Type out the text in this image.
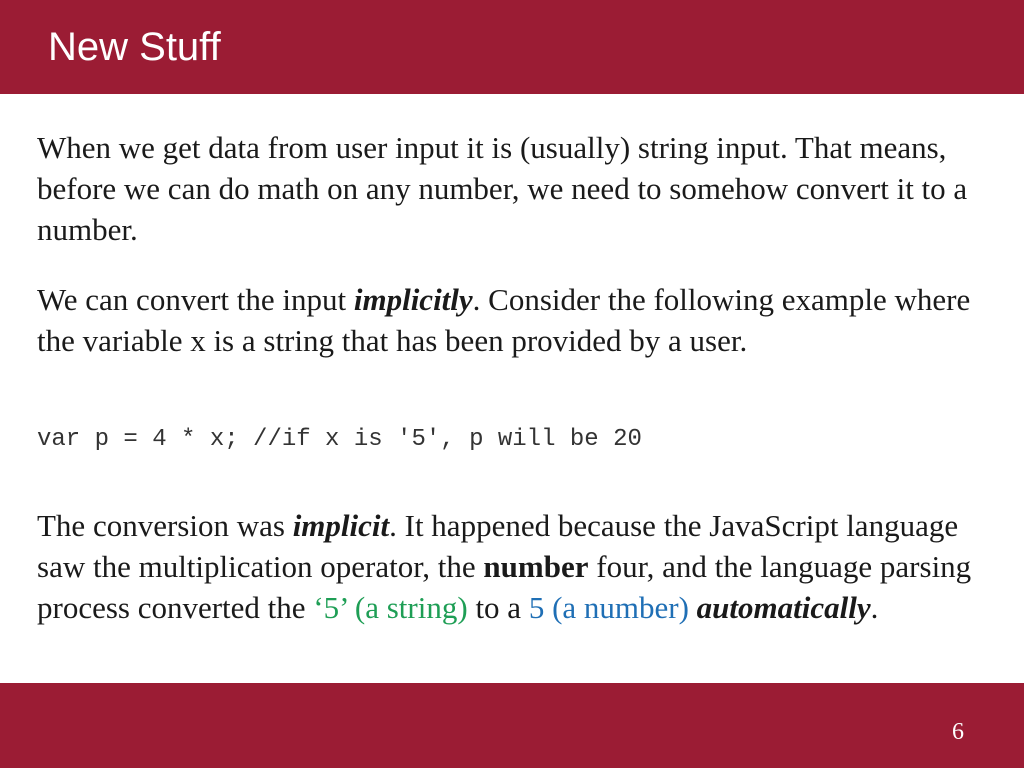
New Stuff

When we get data from user input it is (usually) string input. That means, before we can do math on any number, we need to somehow convert it to a number.

We can convert the input implicitly. Consider the following example where the variable x is a string that has been provided by a user.

var p = 4 * x; //if x is '5', p will be 20

The conversion was implicit. It happened because the JavaScript language saw the multiplication operator, the number four, and the language parsing process converted the ‘5’ (a string) to a 5 (a number) automatically.

6
